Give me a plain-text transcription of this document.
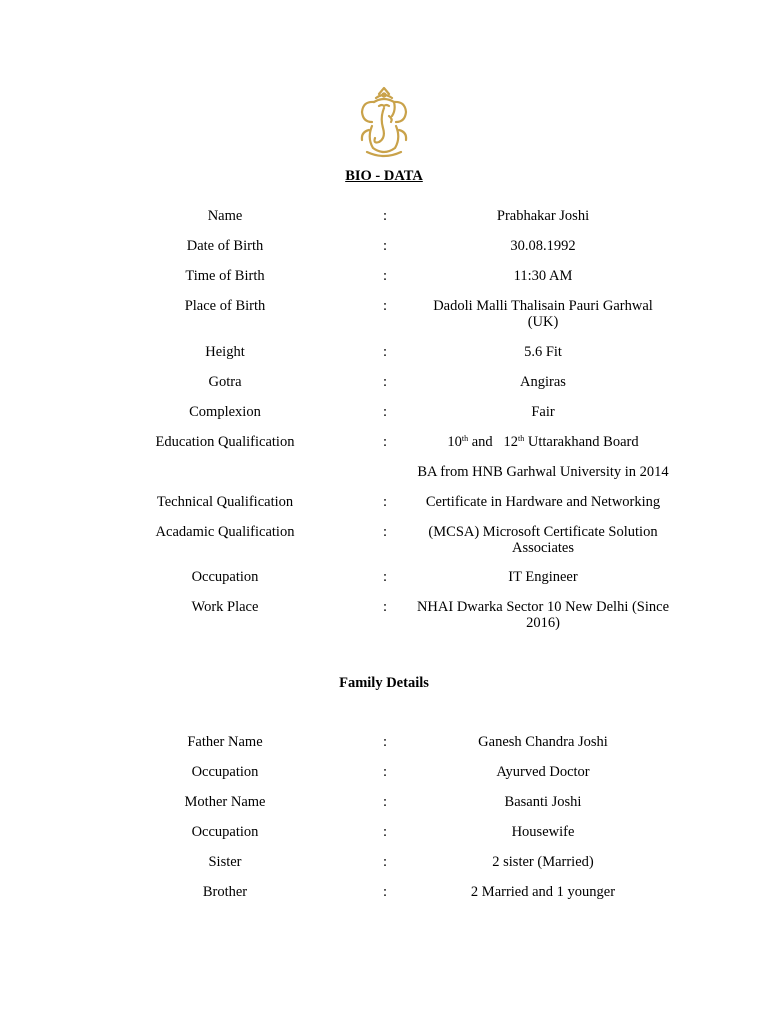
BIO - DATA
Name	:	Prabhakar Joshi
Date of Birth	:	30.08.1992
Time of Birth	:	11:30 AM
Place of Birth	:	Dadoli Malli Thalisain Pauri Garhwal (UK)
Height	:	5.6 Fit
Gotra	:	Angiras
Complexion	:	Fair
Education Qualification	:	10th and   12th Uttarakhand Board
BA from HNB Garhwal University in 2014
Technical Qualification	:	Certificate in Hardware and Networking
Acadamic Qualification	:	(MCSA) Microsoft Certificate Solution Associates
Occupation	:	IT Engineer
Work Place	:	NHAI Dwarka Sector 10 New Delhi (Since 2016)
Family Details
Father Name	:	Ganesh Chandra Joshi
Occupation	:	Ayurved Doctor
Mother Name	:	Basanti Joshi
Occupation	:	Housewife
Sister	:	2 sister (Married)
Brother	:	2 Married and 1 younger
